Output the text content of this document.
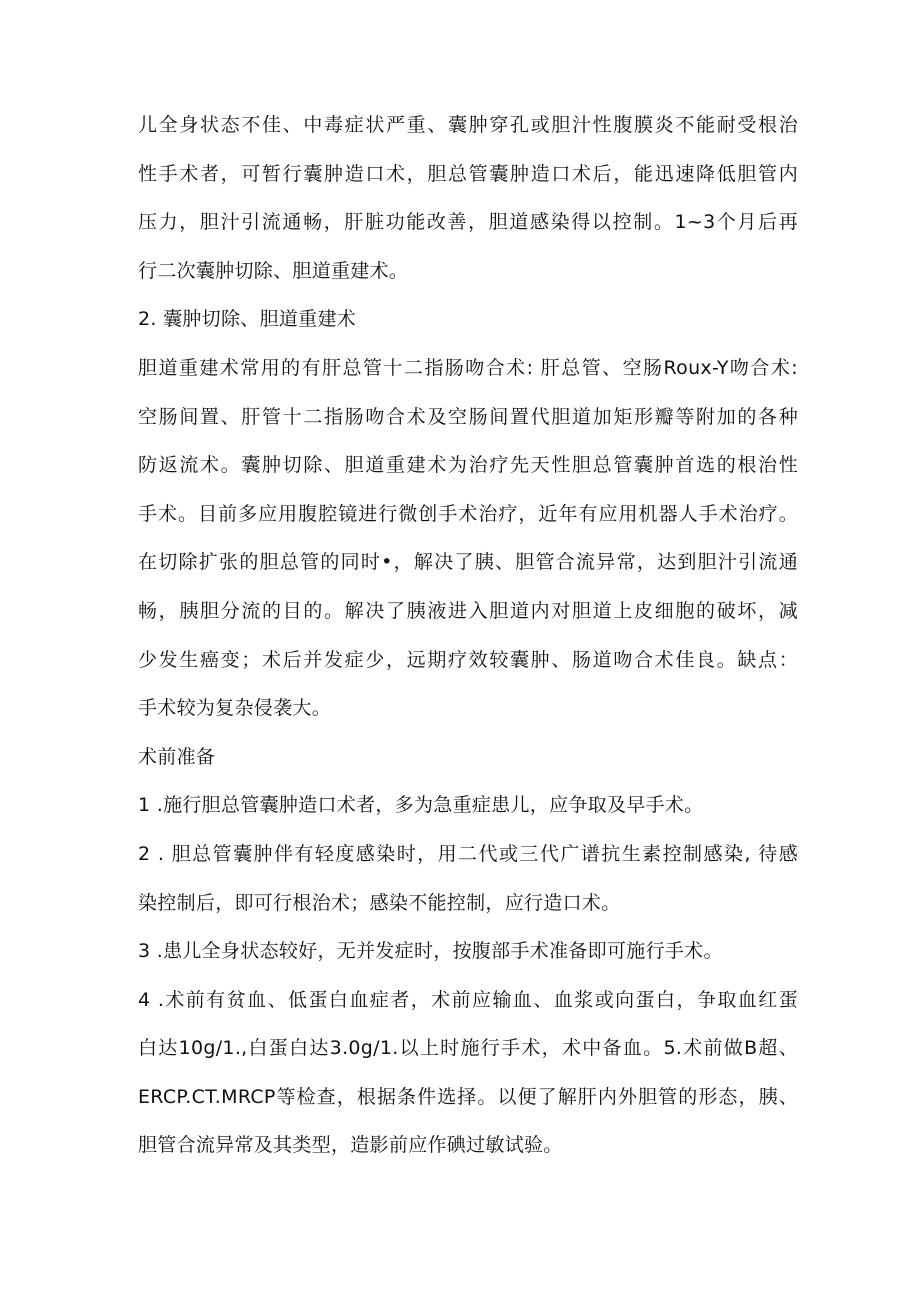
儿全身状态不佳、中毒症状严重、囊肿穿孔或胆汁性腹膜炎不能耐受根治
性手术者，可暂行囊肿造口术，胆总管囊肿造口术后，能迅速降低胆管内
压力，胆汁引流通畅，肝脏功能改善，胆道感染得以控制。1~3个月后再
行二次囊肿切除、胆道重建术。
2. 囊肿切除、胆道重建术
胆道重建术常用的有肝总管十二指肠吻合术: 肝总管、空肠Roux-Y吻合术:
空肠间置、肝管十二指肠吻合术及空肠间置代胆道加矩形瓣等附加的各种
防返流术。囊肿切除、胆道重建术为治疗先天性胆总管囊肿首选的根治性
手术。目前多应用腹腔镜进行微创手术治疗，近年有应用机器人手术治疗。
在切除扩张的胆总管的同时•，解决了胰、胆管合流异常，达到胆汁引流通
畅，胰胆分流的目的。解决了胰液进入胆道内对胆道上皮细胞的破坏，减
少发生癌变；术后并发症少，远期疗效较囊肿、肠道吻合术佳良。缺点：
手术较为复杂侵袭大。
术前准备
1 .施行胆总管囊肿造口术者，多为急重症患儿，应争取及早手术。
2 . 胆总管囊肿伴有轻度感染时，用二代或三代广谱抗生素控制感染, 待感
染控制后，即可行根治术；感染不能控制，应行造口术。
3 .患儿全身状态较好，无并发症时，按腹部手术准备即可施行手术。
4 .术前有贫血、低蛋白血症者，术前应输血、血浆或向蛋白，争取血红蛋
白达10g/1.,白蛋白达3.0g/1.以上时施行手术，术中备血。5.术前做B超、
ERCP.CT.MRCP等检查，根据条件选择。以便了解肝内外胆管的形态，胰、
胆管合流异常及其类型，造影前应作碘过敏试验。
